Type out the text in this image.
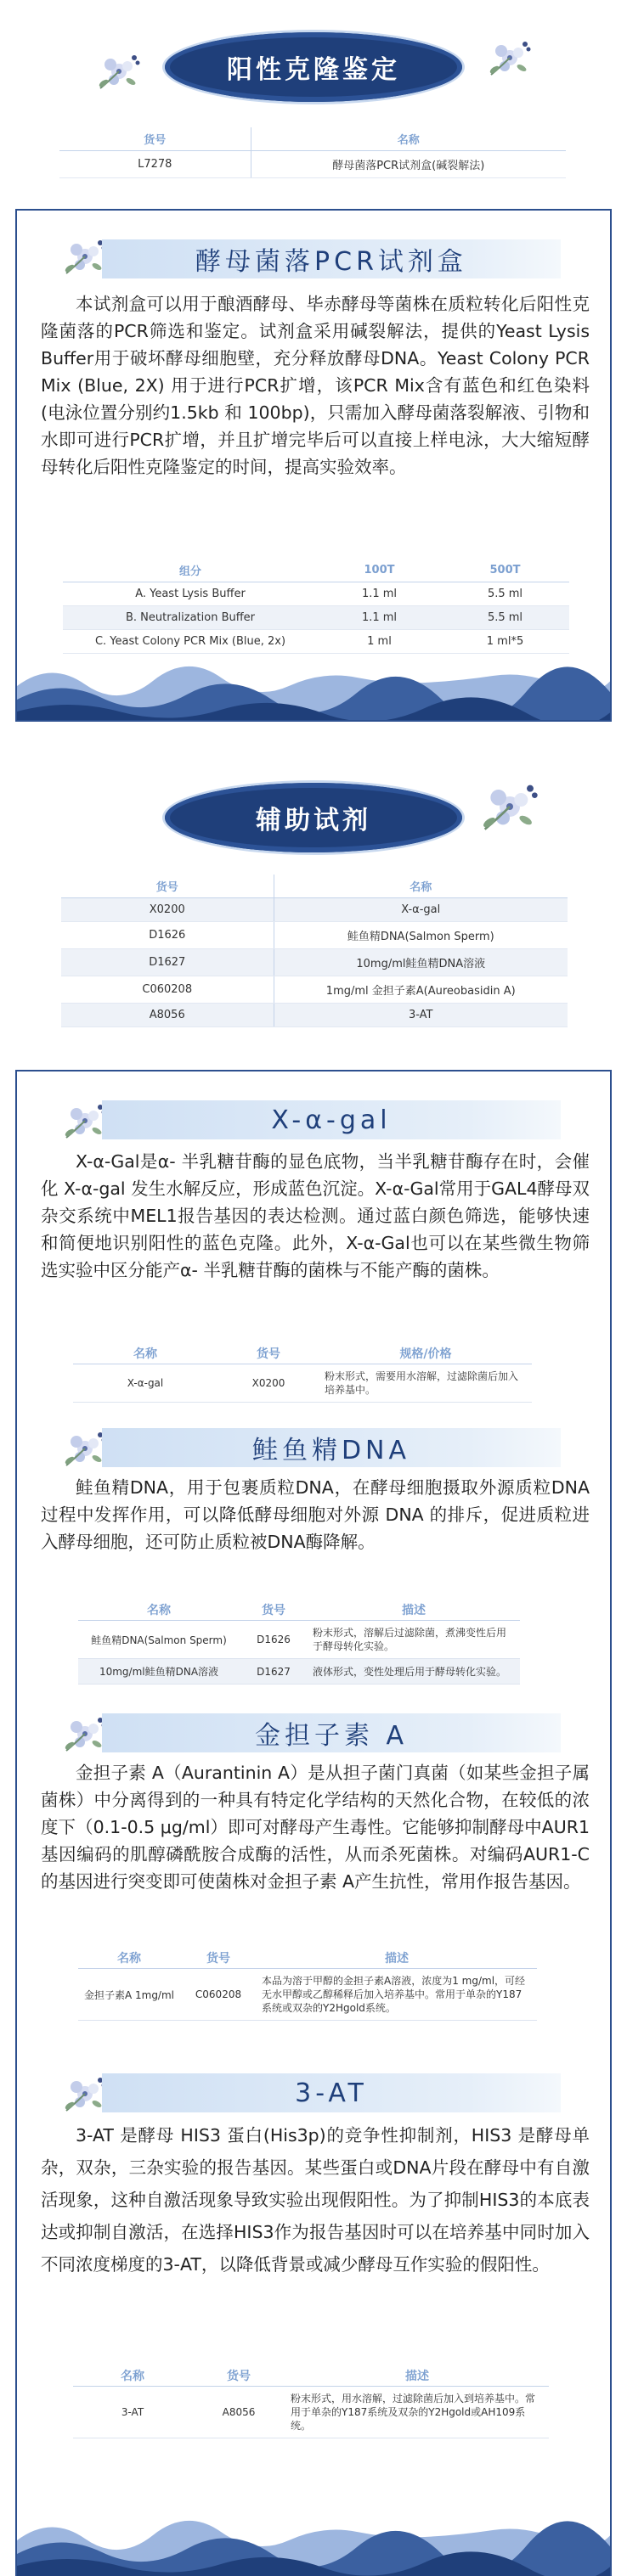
阳性克隆鉴定
货号	名称
L7278	酵母菌落PCR试剂盒(碱裂解法)
酵母菌落PCR试剂盒
本试剂盒可以用于酿酒酵母、毕赤酵母等菌株在质粒转化后阳性克隆菌落的PCR筛选和鉴定。试剂盒采用碱裂解法，提供的Yeast Lysis Buffer用于破坏酵母细胞壁，充分释放酵母DNA。Yeast Colony PCR Mix (Blue, 2X) 用于进行PCR扩增，该PCR Mix含有蓝色和红色染料(电泳位置分别约1.5kb 和 100bp)，只需加入酵母菌落裂解液、引物和水即可进行PCR扩增，并且扩增完毕后可以直接上样电泳，大大缩短酵母转化后阳性克隆鉴定的时间，提高实验效率。
组分	100T	500T
A. Yeast Lysis Buffer	1.1 ml	5.5 ml
B. Neutralization Buffer	1.1 ml	5.5 ml
C. Yeast Colony PCR Mix (Blue, 2x)	1 ml	1 ml*5
辅助试剂
货号	名称
X0200	X-α-gal
D1626	鲑鱼精DNA(Salmon Sperm)
D1627	10mg/ml鲑鱼精DNA溶液
C060208	1mg/ml 金担子素A(Aureobasidin A)
A8056	3-AT
X-α-gal
X-α-Gal是α- 半乳糖苷酶的显色底物，当半乳糖苷酶存在时，会催化 X-α-gal 发生水解反应，形成蓝色沉淀。X-α-Gal常用于GAL4酵母双杂交系统中MEL1报告基因的表达检测。通过蓝白颜色筛选，能够快速和简便地识别阳性的蓝色克隆。此外，X-α-Gal也可以在某些微生物筛选实验中区分能产α- 半乳糖苷酶的菌株与不能产酶的菌株。
名称	货号	规格/价格
X-α-gal	X0200	粉末形式，需要用水溶解，过滤除菌后加入培养基中。
鲑鱼精DNA
鲑鱼精DNA，用于包裹质粒DNA，在酵母细胞摄取外源质粒DNA过程中发挥作用，可以降低酵母细胞对外源 DNA 的排斥，促进质粒进入酵母细胞，还可防止质粒被DNA酶降解。
名称	货号	描述
鲑鱼精DNA(Salmon Sperm)	D1626	粉末形式，溶解后过滤除菌，煮沸变性后用于酵母转化实验。
10mg/ml鲑鱼精DNA溶液	D1627	液体形式，变性处理后用于酵母转化实验。
金担子素 A
金担子素 A（Aurantinin A）是从担子菌门真菌（如某些金担子属菌株）中分离得到的一种具有特定化学结构的天然化合物，在较低的浓度下（0.1-0.5 μg/ml）即可对酵母产生毒性。它能够抑制酵母中AUR1基因编码的肌醇磷酰胺合成酶的活性，从而杀死菌株。对编码AUR1-C的基因进行突变即可使菌株对金担子素 A产生抗性，常用作报告基因。
名称	货号	描述
金担子素A 1mg/ml	C060208	本品为溶于甲醇的金担子素A溶液，浓度为1 mg/ml，可经无水甲醇或乙醇稀释后加入培养基中。常用于单杂的Y187系统或双杂的Y2Hgold系统。
3-AT
3-AT 是酵母 HIS3 蛋白(His3p)的竞争性抑制剂，HIS3 是酵母单杂，双杂，三杂实验的报告基因。某些蛋白或DNA片段在酵母中有自激活现象，这种自激活现象导致实验出现假阳性。为了抑制HIS3的本底表达或抑制自激活，在选择HIS3作为报告基因时可以在培养基中同时加入不同浓度梯度的3-AT，以降低背景或减少酵母互作实验的假阳性。
名称	货号	描述
3-AT	A8056	粉末形式，用水溶解，过滤除菌后加入到培养基中。常用于单杂的Y187系统及双杂的Y2Hgold或AH109系统。
